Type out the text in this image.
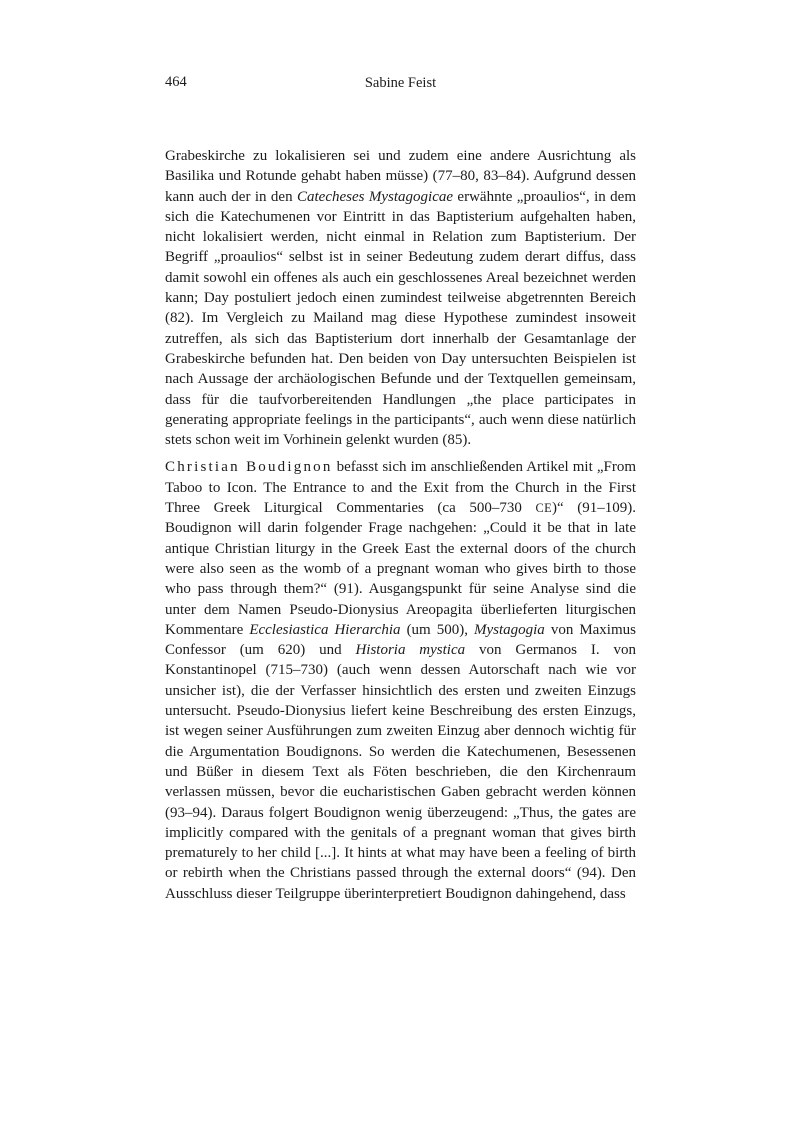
464	Sabine Feist

Grabeskirche zu lokalisieren sei und zudem eine andere Ausrichtung als Basilika und Rotunde gehabt haben müsse) (77–80, 83–84). Aufgrund dessen kann auch der in den Catecheses Mystagogicae erwähnte „proaulios“, in dem sich die Katechumenen vor Eintritt in das Baptisterium aufgehalten haben, nicht lokalisiert werden, nicht einmal in Relation zum Baptisterium. Der Begriff „proaulios“ selbst ist in seiner Bedeutung zudem derart diffus, dass damit sowohl ein offenes als auch ein geschlossenes Areal bezeichnet werden kann; Day postuliert jedoch einen zumindest teilweise abgetrennten Bereich (82). Im Vergleich zu Mailand mag diese Hypothese zumindest insoweit zutreffen, als sich das Baptisterium dort innerhalb der Gesamtanlage der Grabeskirche befunden hat. Den beiden von Day untersuchten Beispielen ist nach Aussage der archäologischen Befunde und der Textquellen gemeinsam, dass für die taufvorbereitenden Handlungen „the place participates in generating appropriate feelings in the participants“, auch wenn diese natürlich stets schon weit im Vorhinein gelenkt wurden (85).

Christian Boudignon befasst sich im anschließenden Artikel mit „From Taboo to Icon. The Entrance to and the Exit from the Church in the First Three Greek Liturgical Commentaries (ca 500–730 CE)“ (91–109). Boudignon will darin folgender Frage nachgehen: „Could it be that in late antique Christian liturgy in the Greek East the external doors of the church were also seen as the womb of a pregnant woman who gives birth to those who pass through them?“ (91). Ausgangspunkt für seine Analyse sind die unter dem Namen Pseudo-Dionysius Areopagita überlieferten liturgischen Kommentare Ecclesiastica Hierarchia (um 500), Mystagogia von Maximus Confessor (um 620) und Historia mystica von Germanos I. von Konstantinopel (715–730) (auch wenn dessen Autorschaft nach wie vor unsicher ist), die der Verfasser hinsichtlich des ersten und zweiten Einzugs untersucht. Pseudo-Dionysius liefert keine Beschreibung des ersten Einzugs, ist wegen seiner Ausführungen zum zweiten Einzug aber dennoch wichtig für die Argumentation Boudignons. So werden die Katechumenen, Besessenen und Büßer in diesem Text als Föten beschrieben, die den Kirchenraum verlassen müssen, bevor die eucharistischen Gaben gebracht werden können (93–94). Daraus folgert Boudignon wenig überzeugend: „Thus, the gates are implicitly compared with the genitals of a pregnant woman that gives birth prematurely to her child [...]. It hints at what may have been a feeling of birth or rebirth when the Christians passed through the external doors“ (94). Den Ausschluss dieser Teilgruppe überinterpretiert Boudignon dahingehend, dass
